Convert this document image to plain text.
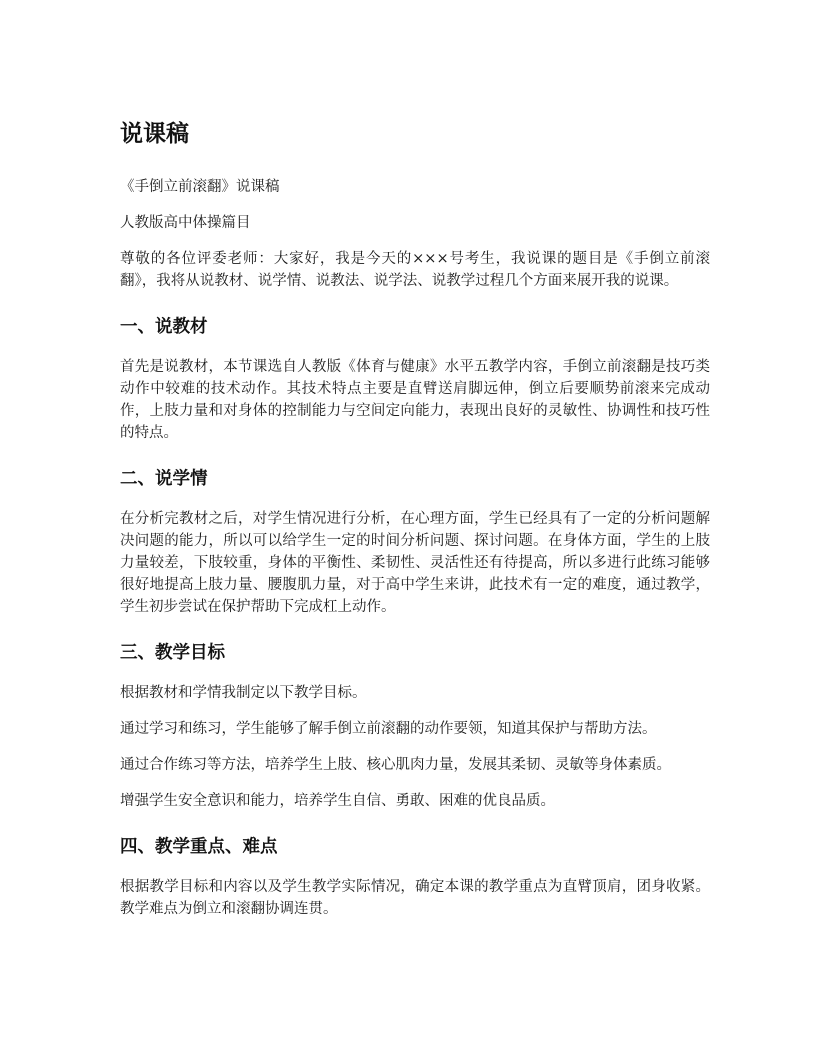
说课稿

《手倒立前滚翻》说课稿

人教版高中体操篇目

尊敬的各位评委老师：大家好，我是今天的×××号考生，我说课的题目是《手倒立前滚翻》，我将从说教材、说学情、说教法、说学法、说教学过程几个方面来展开我的说课。

一、说教材

首先是说教材，本节课选自人教版《体育与健康》水平五教学内容，手倒立前滚翻是技巧类动作中较难的技术动作。其技术特点主要是直臂送肩脚远伸，倒立后要顺势前滚来完成动作，上肢力量和对身体的控制能力与空间定向能力，表现出良好的灵敏性、协调性和技巧性的特点。

二、说学情

在分析完教材之后，对学生情况进行分析，在心理方面，学生已经具有了一定的分析问题解决问题的能力，所以可以给学生一定的时间分析问题、探讨问题。在身体方面，学生的上肢力量较差，下肢较重，身体的平衡性、柔韧性、灵活性还有待提高，所以多进行此练习能够很好地提高上肢力量、腰腹肌力量，对于高中学生来讲，此技术有一定的难度，通过教学，学生初步尝试在保护帮助下完成杠上动作。

三、教学目标

根据教材和学情我制定以下教学目标。

通过学习和练习，学生能够了解手倒立前滚翻的动作要领，知道其保护与帮助方法。

通过合作练习等方法，培养学生上肢、核心肌肉力量，发展其柔韧、灵敏等身体素质。

增强学生安全意识和能力，培养学生自信、勇敢、困难的优良品质。

四、教学重点、难点

根据教学目标和内容以及学生教学实际情况，确定本课的教学重点为直臂顶肩，团身收紧。教学难点为倒立和滚翻协调连贯。
